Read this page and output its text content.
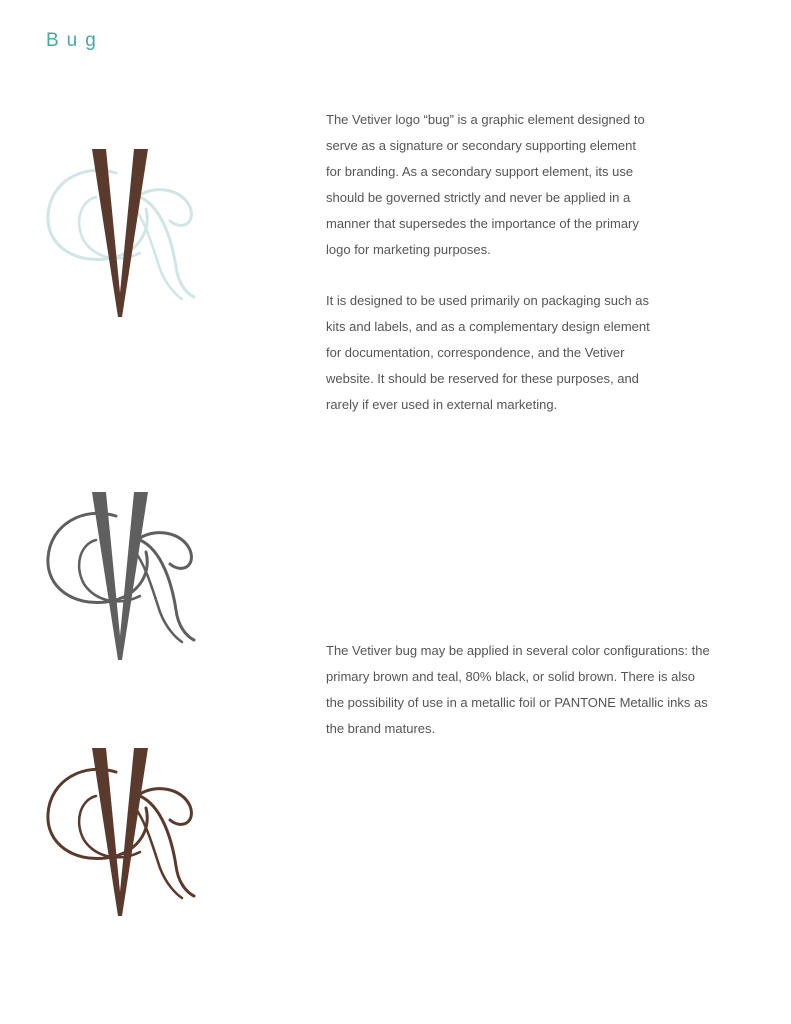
Bug

The Vetiver logo “bug” is a graphic element designed to

serve as a signature or secondary supporting element

for branding. As a secondary support element, its use

should be governed strictly and never be applied in a

manner that supersedes the importance of the primary

logo for marketing purposes.

It is designed to be used primarily on packaging such as

kits and labels, and as a complementary design element

for documentation, correspondence, and the Vetiver

website. It should be reserved for these purposes, and

rarely if ever used in external marketing.

The Vetiver bug may be applied in several color configurations: the

primary brown and teal, 80% black, or solid brown. There is also

the possibility of use in a metallic foil or PANTONE Metallic inks as

the brand matures.
